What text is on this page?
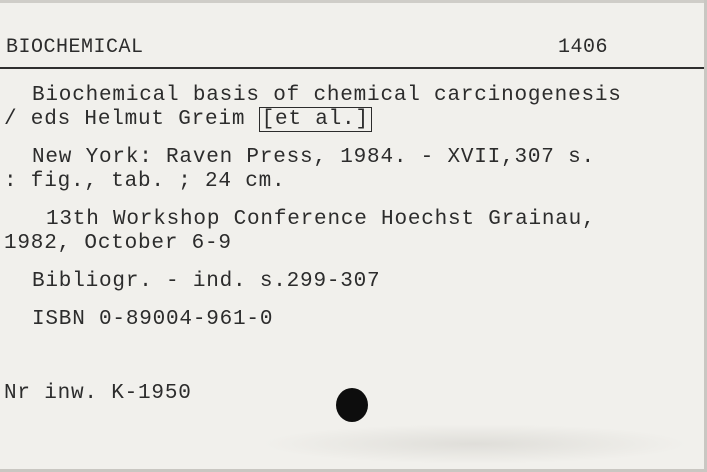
BIOCHEMICAL	1406
Biochemical basis of chemical carcinogenesis
/ eds Helmut Greim [et al.]
New York: Raven Press, 1984. - XVII,307 s.
: fig., tab. ; 24 cm.
13th Workshop Conference Hoechst Grainau,
1982, October 6-9
Bibliogr. - ind. s.299-307
ISBN 0-89004-961-0
Nr inw. K-1950
